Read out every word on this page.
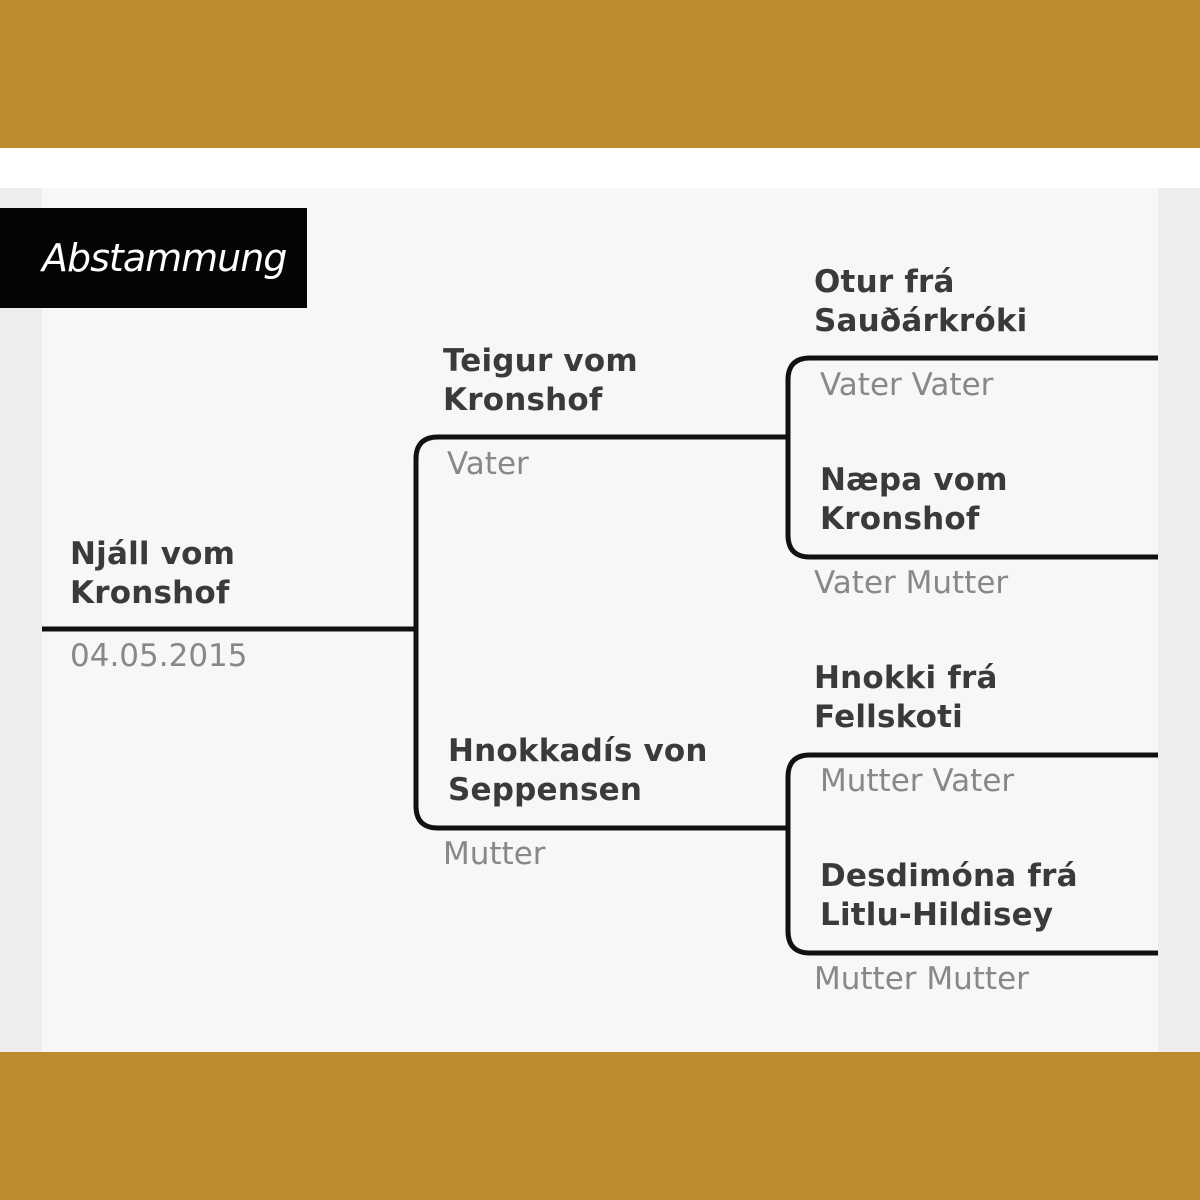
Abstammung
Njáll vom
Kronshof
04.05.2015
Teigur vom
Kronshof
Vater
Hnokkadís von
Seppensen
Mutter
Otur frá
Sauðárkróki
Vater Vater
Næpa vom
Kronshof
Vater Mutter
Hnokki frá
Fellskoti
Mutter Vater
Desdimóna frá
Litlu-Hildisey
Mutter Mutter
